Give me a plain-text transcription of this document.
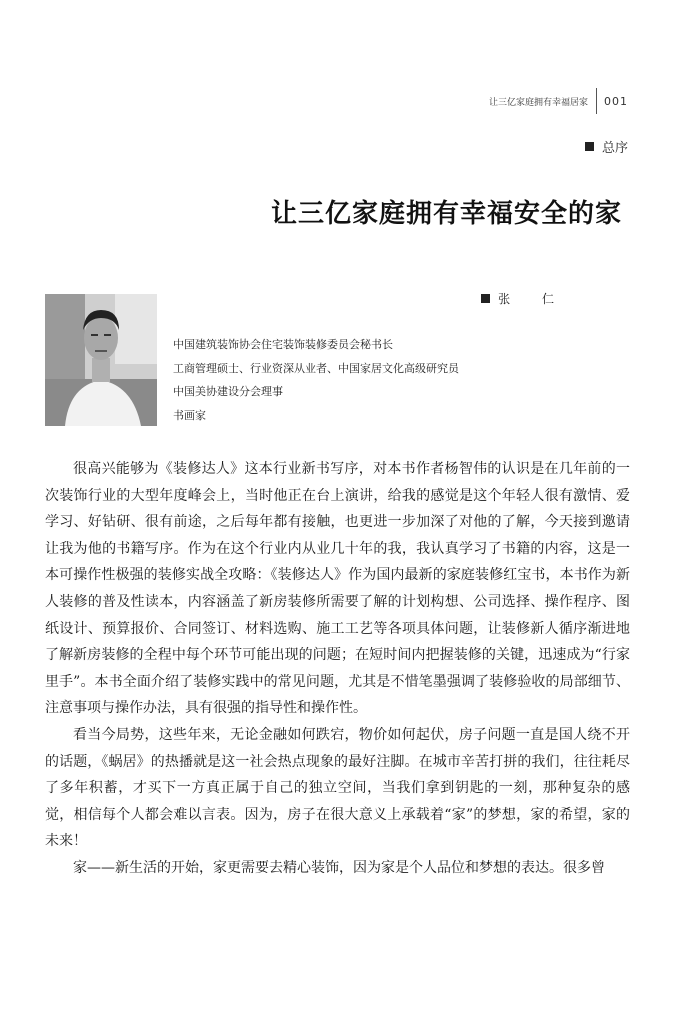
让三亿家庭拥有幸福居家 001
总序
让三亿家庭拥有幸福安全的家
张 仁
中国建筑装饰协会住宅装饰装修委员会秘书长
工商管理硕士、行业资深从业者、中国家居文化高级研究员
中国美协建设分会理事
书画家

很高兴能够为《装修达人》这本行业新书写序，对本书作者杨智伟的认识是在几年前的一次装饰行业的大型年度峰会上，当时他正在台上演讲，给我的感觉是这个年轻人很有激情、爱学习、好钻研、很有前途，之后每年都有接触，也更进一步加深了对他的了解，今天接到邀请让我为他的书籍写序。作为在这个行业内从业几十年的我，我认真学习了书籍的内容，这是一本可操作性极强的装修实战全攻略：《装修达人》作为国内最新的家庭装修红宝书，本书作为新人装修的普及性读本，内容涵盖了新房装修所需要了解的计划构想、公司选择、操作程序、图纸设计、预算报价、合同签订、材料选购、施工工艺等各项具体问题，让装修新人循序渐进地了解新房装修的全程中每个环节可能出现的问题；在短时间内把握装修的关键，迅速成为“行家里手”。本书全面介绍了装修实践中的常见问题，尤其是不惜笔墨强调了装修验收的局部细节、注意事项与操作办法，具有很强的指导性和操作性。

看当今局势，这些年来，无论金融如何跌宕，物价如何起伏，房子问题一直是国人绕不开的话题，《蜗居》的热播就是这一社会热点现象的最好注脚。在城市辛苦打拼的我们，往往耗尽了多年积蓄，才买下一方真正属于自己的独立空间，当我们拿到钥匙的一刻，那种复杂的感觉，相信每个人都会难以言表。因为，房子在很大意义上承载着“家”的梦想，家的希望，家的未来！

家——新生活的开始，家更需要去精心装饰，因为家是个人品位和梦想的表达。很多曾
